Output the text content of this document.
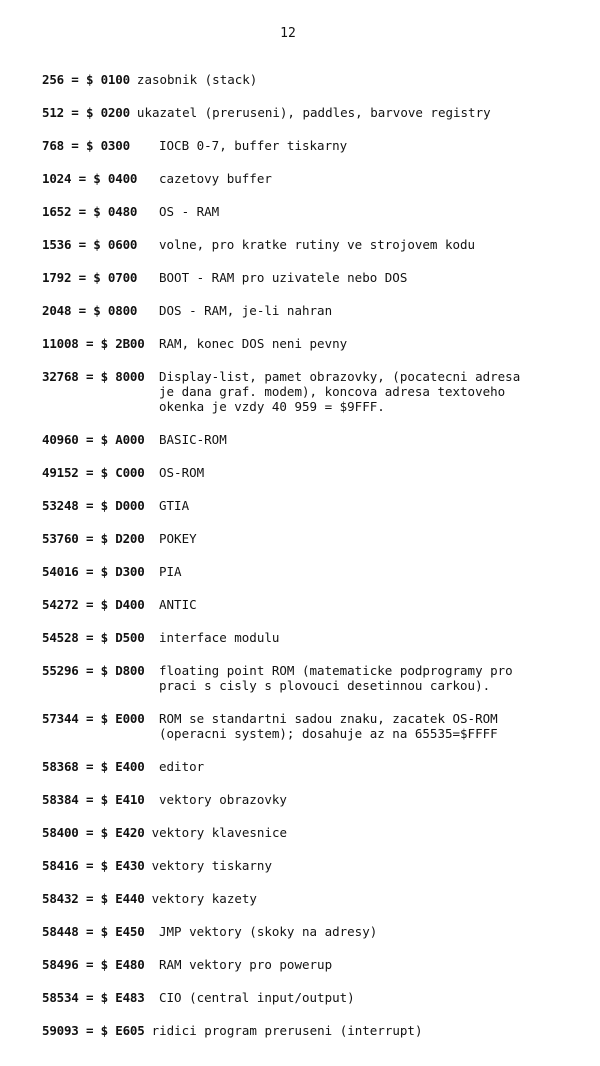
12
256 = $ 0100 zasobnik (stack)
512 = $ 0200 ukazatel (preruseni), paddles, barvove registry
768 = $ 0300	IOCB 0-7, buffer tiskarny
1024 = $ 0400	cazetovy buffer
1652 = $ 0480	OS - RAM
1536 = $ 0600	volne, pro kratke rutiny ve strojovem kodu
1792 = $ 0700	BOOT - RAM pro uzivatele nebo DOS
2048 = $ 0800	DOS - RAM, je-li nahran
11008 = $ 2B00	RAM, konec DOS neni pevny
32768 = $ 8000	Display-list, pamet obrazovky, (pocatecni adresa
je dana graf. modem), koncova adresa textoveho
okenka je vzdy 40 959 = $9FFF.
40960 = $ A000	BASIC-ROM
49152 = $ C000	OS-ROM
53248 = $ D000	GTIA
53760 = $ D200	POKEY
54016 = $ D300	PIA
54272 = $ D400	ANTIC
54528 = $ D500	interface modulu
55296 = $ D800	floating point ROM (matematicke podprogramy pro
praci s cisly s plovouci desetinnou carkou).
57344 = $ E000	ROM se standartni sadou znaku, zacatek OS-ROM
(operacni system); dosahuje az na 65535=$FFFF
58368 = $ E400	editor
58384 = $ E410	vektory obrazovky
58400 = $ E420 vektory klavesnice
58416 = $ E430 vektory tiskarny
58432 = $ E440 vektory kazety
58448 = $ E450	JMP vektory (skoky na adresy)
58496 = $ E480	RAM vektory pro powerup
58534 = $ E483	CIO (central input/output)
59093 = $ E605 ridici program preruseni (interrupt)
